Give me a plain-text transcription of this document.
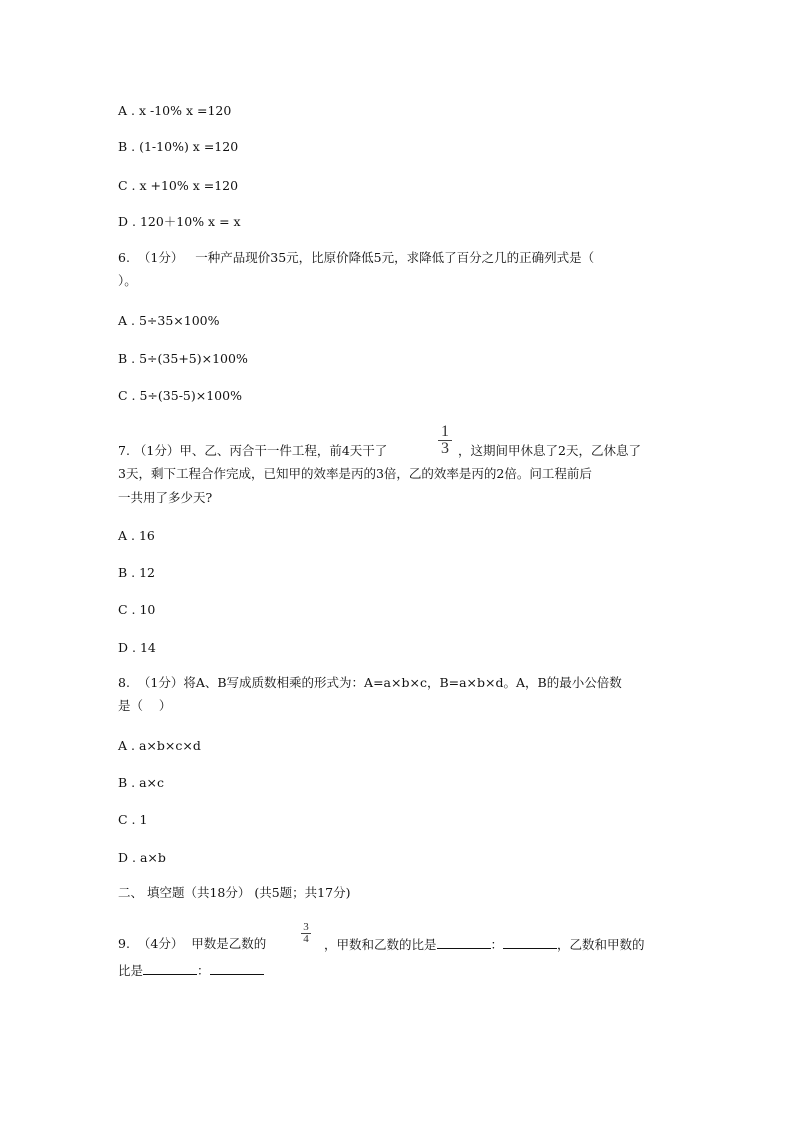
A . x -10% x =120
B . (1-10%) x =120
C . x +10% x =120
D . 120＋10% x = x
6.  （1分）   一种产品现价35元，比原价降低5元，求降低了百分之几的正确列式是（
）。
A . 5÷35×100%
B . 5÷(35+5)×100%
C . 5÷(35-5)×100%
7. （1分）甲、乙、丙合干一件工程，前4天干了
1
3 ，这期间甲休息了2天，乙休息了
3天，剩下工程合作完成，已知甲的效率是丙的3倍，乙的效率是丙的2倍。问工程前后
一共用了多少天?
A . 16
B . 12
C . 10
D . 14
8.  （1分）将A、B写成质数相乘的形式为：A=a×b×c，B=a×b×d。A，B的最小公倍数
是（    ）
A . a×b×c×d
B . a×c
C . 1
D . a×b
二、 填空题（共18分） (共5题；共17分)
9.  （4分）  甲数是乙数的
3
4 ，甲数和乙数的比是	：	，乙数和甲数的
比是	：
